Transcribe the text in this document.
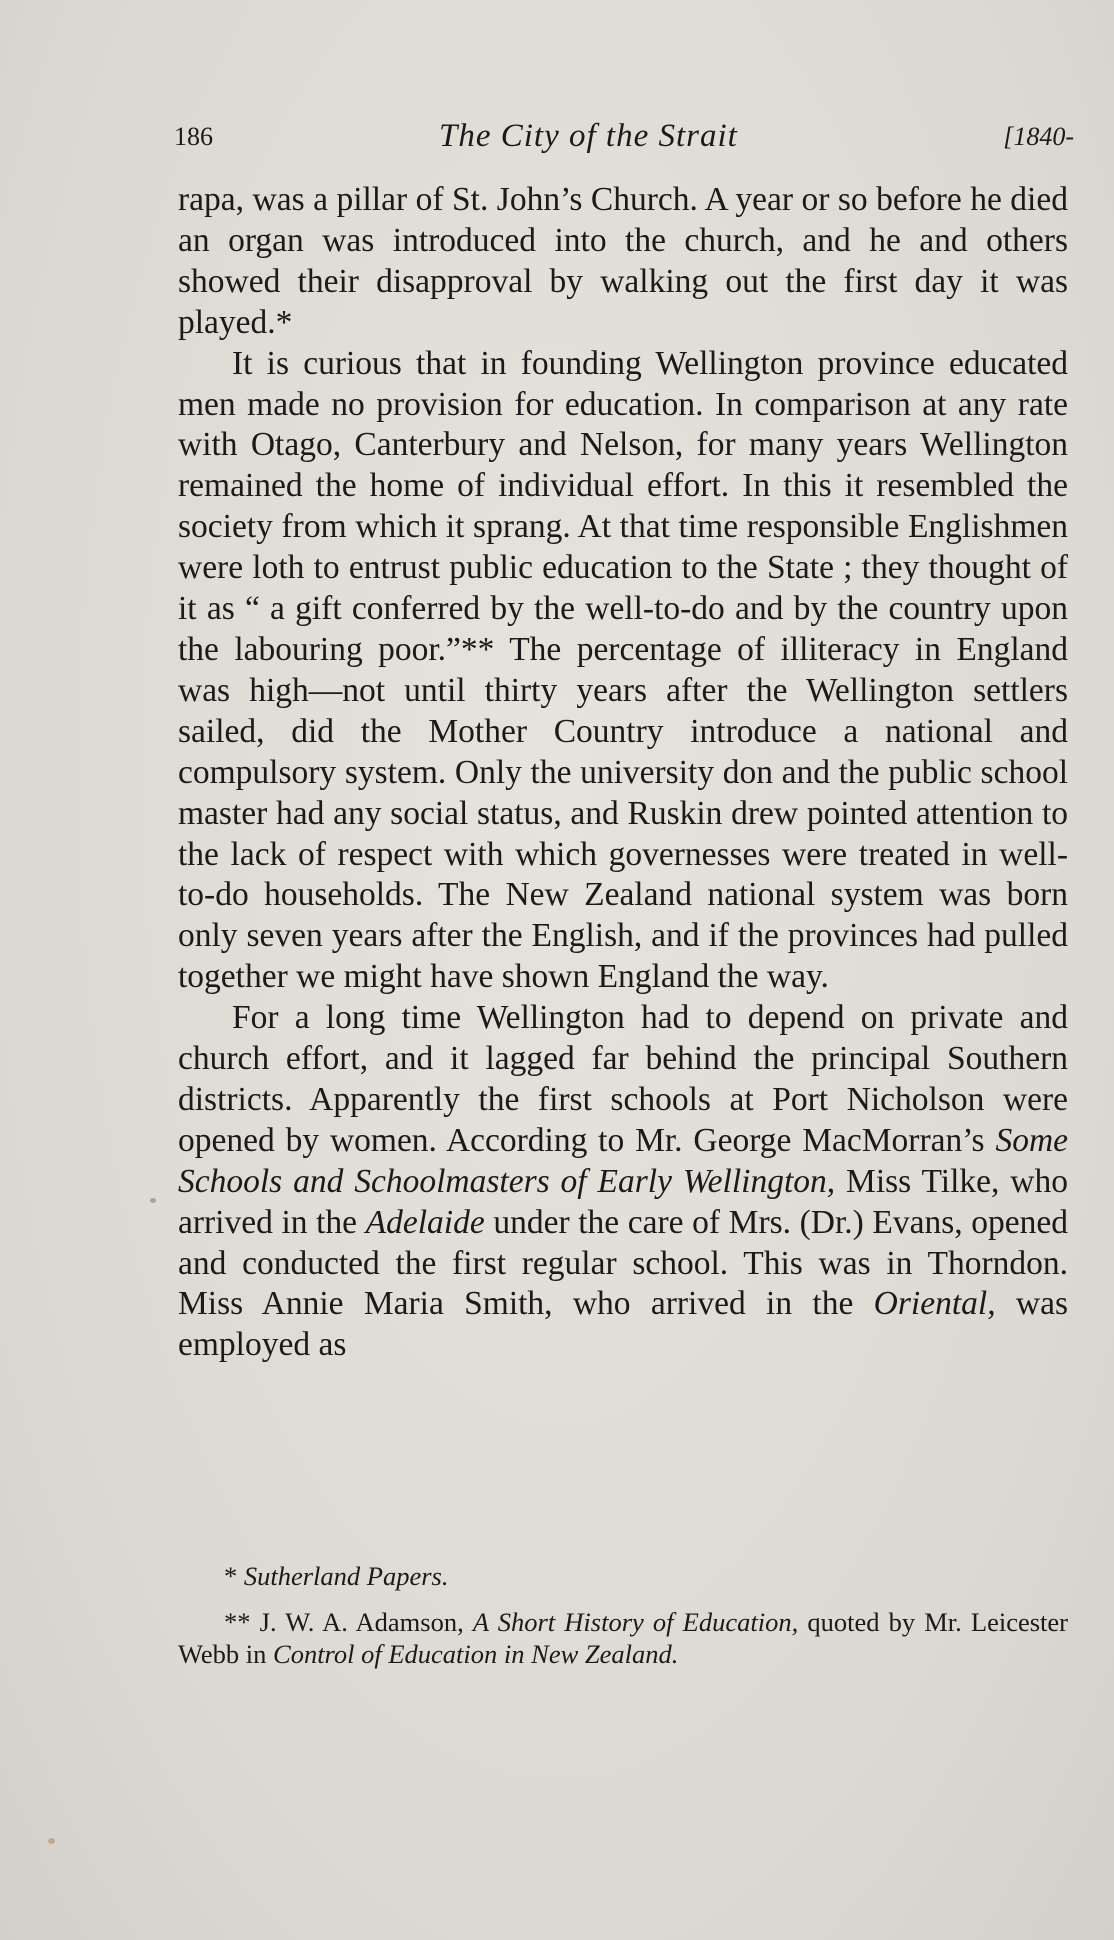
186	The City of the Strait	[1840-

rapa, was a pillar of St. John’s Church. A year or so before he died an organ was introduced into the church, and he and others showed their disapproval by walking out the first day it was played.*

It is curious that in founding Wellington province educated men made no provision for education. In comparison at any rate with Otago, Canterbury and Nelson, for many years Wellington remained the home of individual effort. In this it resembled the society from which it sprang. At that time responsible Englishmen were loth to entrust public education to the State ; they thought of it as “ a gift conferred by the well-to-do and by the country upon the labouring poor.”** The percentage of illiteracy in England was high—not until thirty years after the Wellington settlers sailed, did the Mother Country introduce a national and compulsory system. Only the university don and the public school master had any social status, and Ruskin drew pointed attention to the lack of respect with which governesses were treated in well-to-do households. The New Zealand national system was born only seven years after the English, and if the provinces had pulled together we might have shown England the way.

For a long time Wellington had to depend on private and church effort, and it lagged far behind the principal Southern districts. Apparently the first schools at Port Nicholson were opened by women. According to Mr. George MacMorran’s Some Schools and Schoolmasters of Early Wellington, Miss Tilke, who arrived in the Adelaide under the care of Mrs. (Dr.) Evans, opened and conducted the first regular school. This was in Thorndon. Miss Annie Maria Smith, who arrived in the Oriental, was employed as

* Sutherland Papers.

** J. W. A. Adamson, A Short History of Education, quoted by Mr. Leicester Webb in Control of Education in New Zealand.
